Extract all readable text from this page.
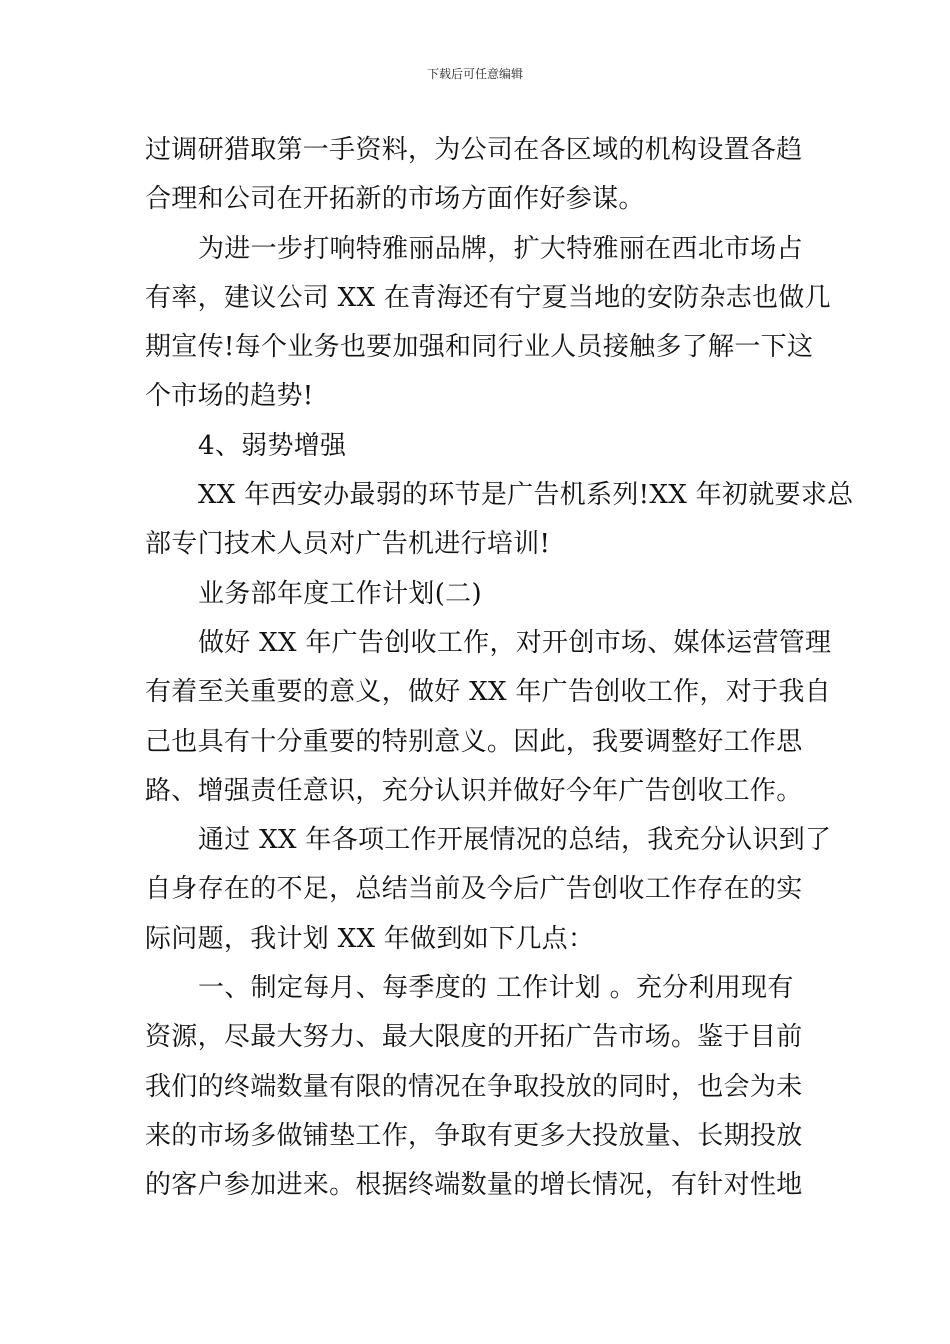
下载后可任意编辑
过调研猎取第一手资料，为公司在各区域的机构设置各趋
合理和公司在开拓新的市场方面作好参谋。
为进一步打响特雅丽品牌，扩大特雅丽在西北市场占
有率，建议公司 XX 在青海还有宁夏当地的安防杂志也做几
期宣传!每个业务也要加强和同行业人员接触多了解一下这
个市场的趋势!
4、弱势增强
XX 年西安办最弱的环节是广告机系列!XX 年初就要求总
部专门技术人员对广告机进行培训!
业务部年度工作计划(二)
做好 XX 年广告创收工作，对开创市场、媒体运营管理
有着至关重要的意义，做好 XX 年广告创收工作，对于我自
己也具有十分重要的特别意义。因此，我要调整好工作思
路、增强责任意识，充分认识并做好今年广告创收工作。
通过 XX 年各项工作开展情况的总结，我充分认识到了
自身存在的不足，总结当前及今后广告创收工作存在的实
际问题，我计划 XX 年做到如下几点：
一、制定每月、每季度的 工作计划 。充分利用现有
资源，尽最大努力、最大限度的开拓广告市场。鉴于目前
我们的终端数量有限的情况在争取投放的同时，也会为未
来的市场多做铺垫工作，争取有更多大投放量、长期投放
的客户参加进来。根据终端数量的增长情况，有针对性地
